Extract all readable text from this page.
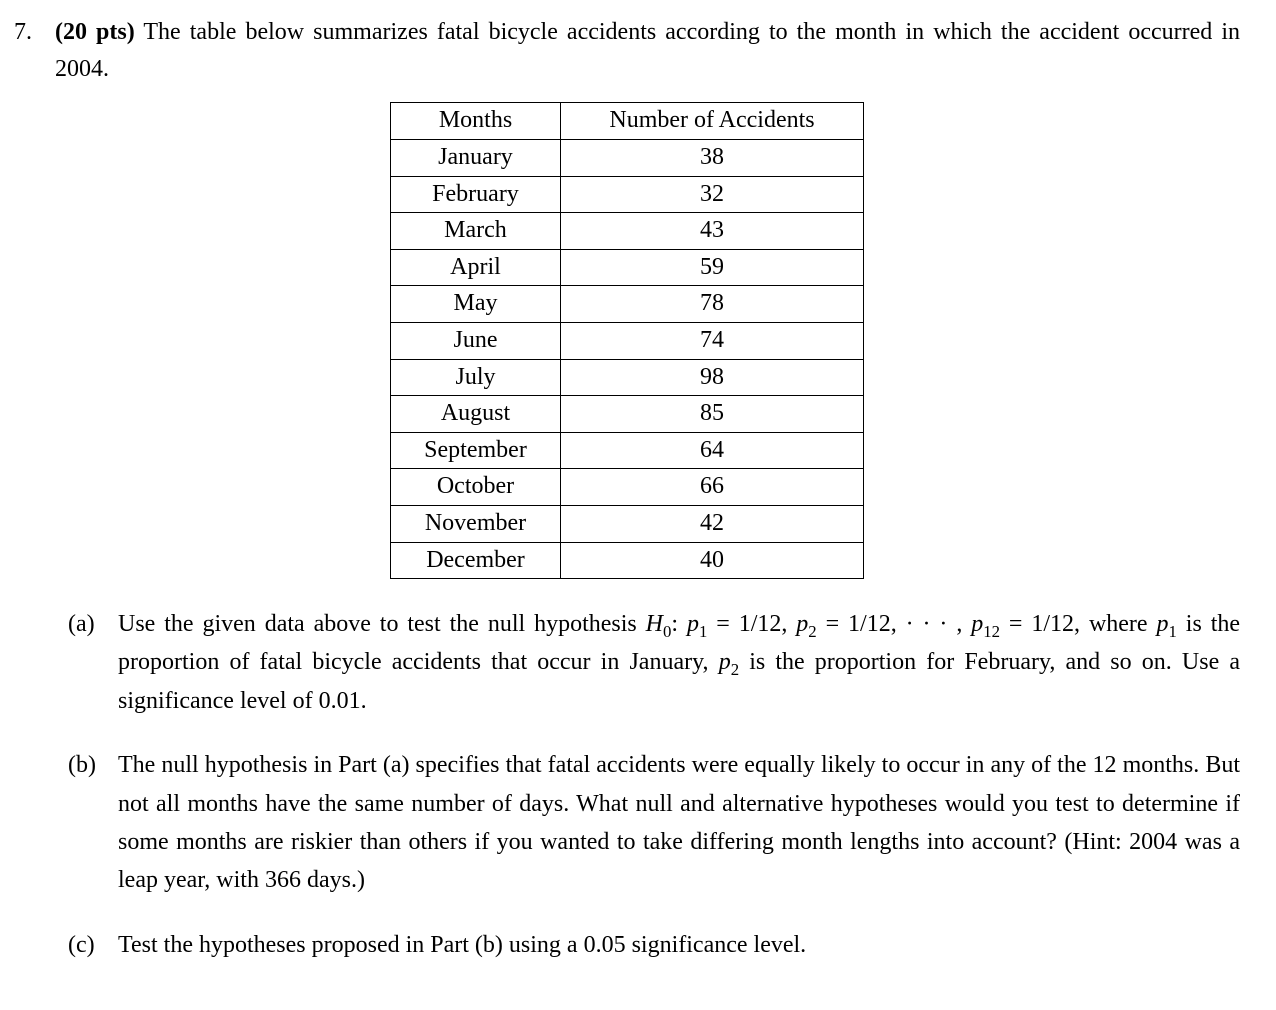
7. (20 pts) The table below summarizes fatal bicycle accidents according to the month in which the accident occurred in 2004.
Months	Number of Accidents
January	38
February	32
March	43
April	59
May	78
June	74
July	98
August	85
September	64
October	66
November	42
December	40
(a) Use the given data above to test the null hypothesis $H_0$: $p_1 = 1/12$, $p_2 = 1/12$, · · · , $p_{12} = 1/12$, where $p_1$ is the proportion of fatal bicycle accidents that occur in January, $p_2$ is the proportion for February, and so on. Use a significance level of 0.01.
(b) The null hypothesis in Part (a) specifies that fatal accidents were equally likely to occur in any of the 12 months. But not all months have the same number of days. What null and alternative hypotheses would you test to determine if some months are riskier than others if you wanted to take differing month lengths into account? (Hint: 2004 was a leap year, with 366 days.)
(c) Test the hypotheses proposed in Part (b) using a 0.05 significance level.
